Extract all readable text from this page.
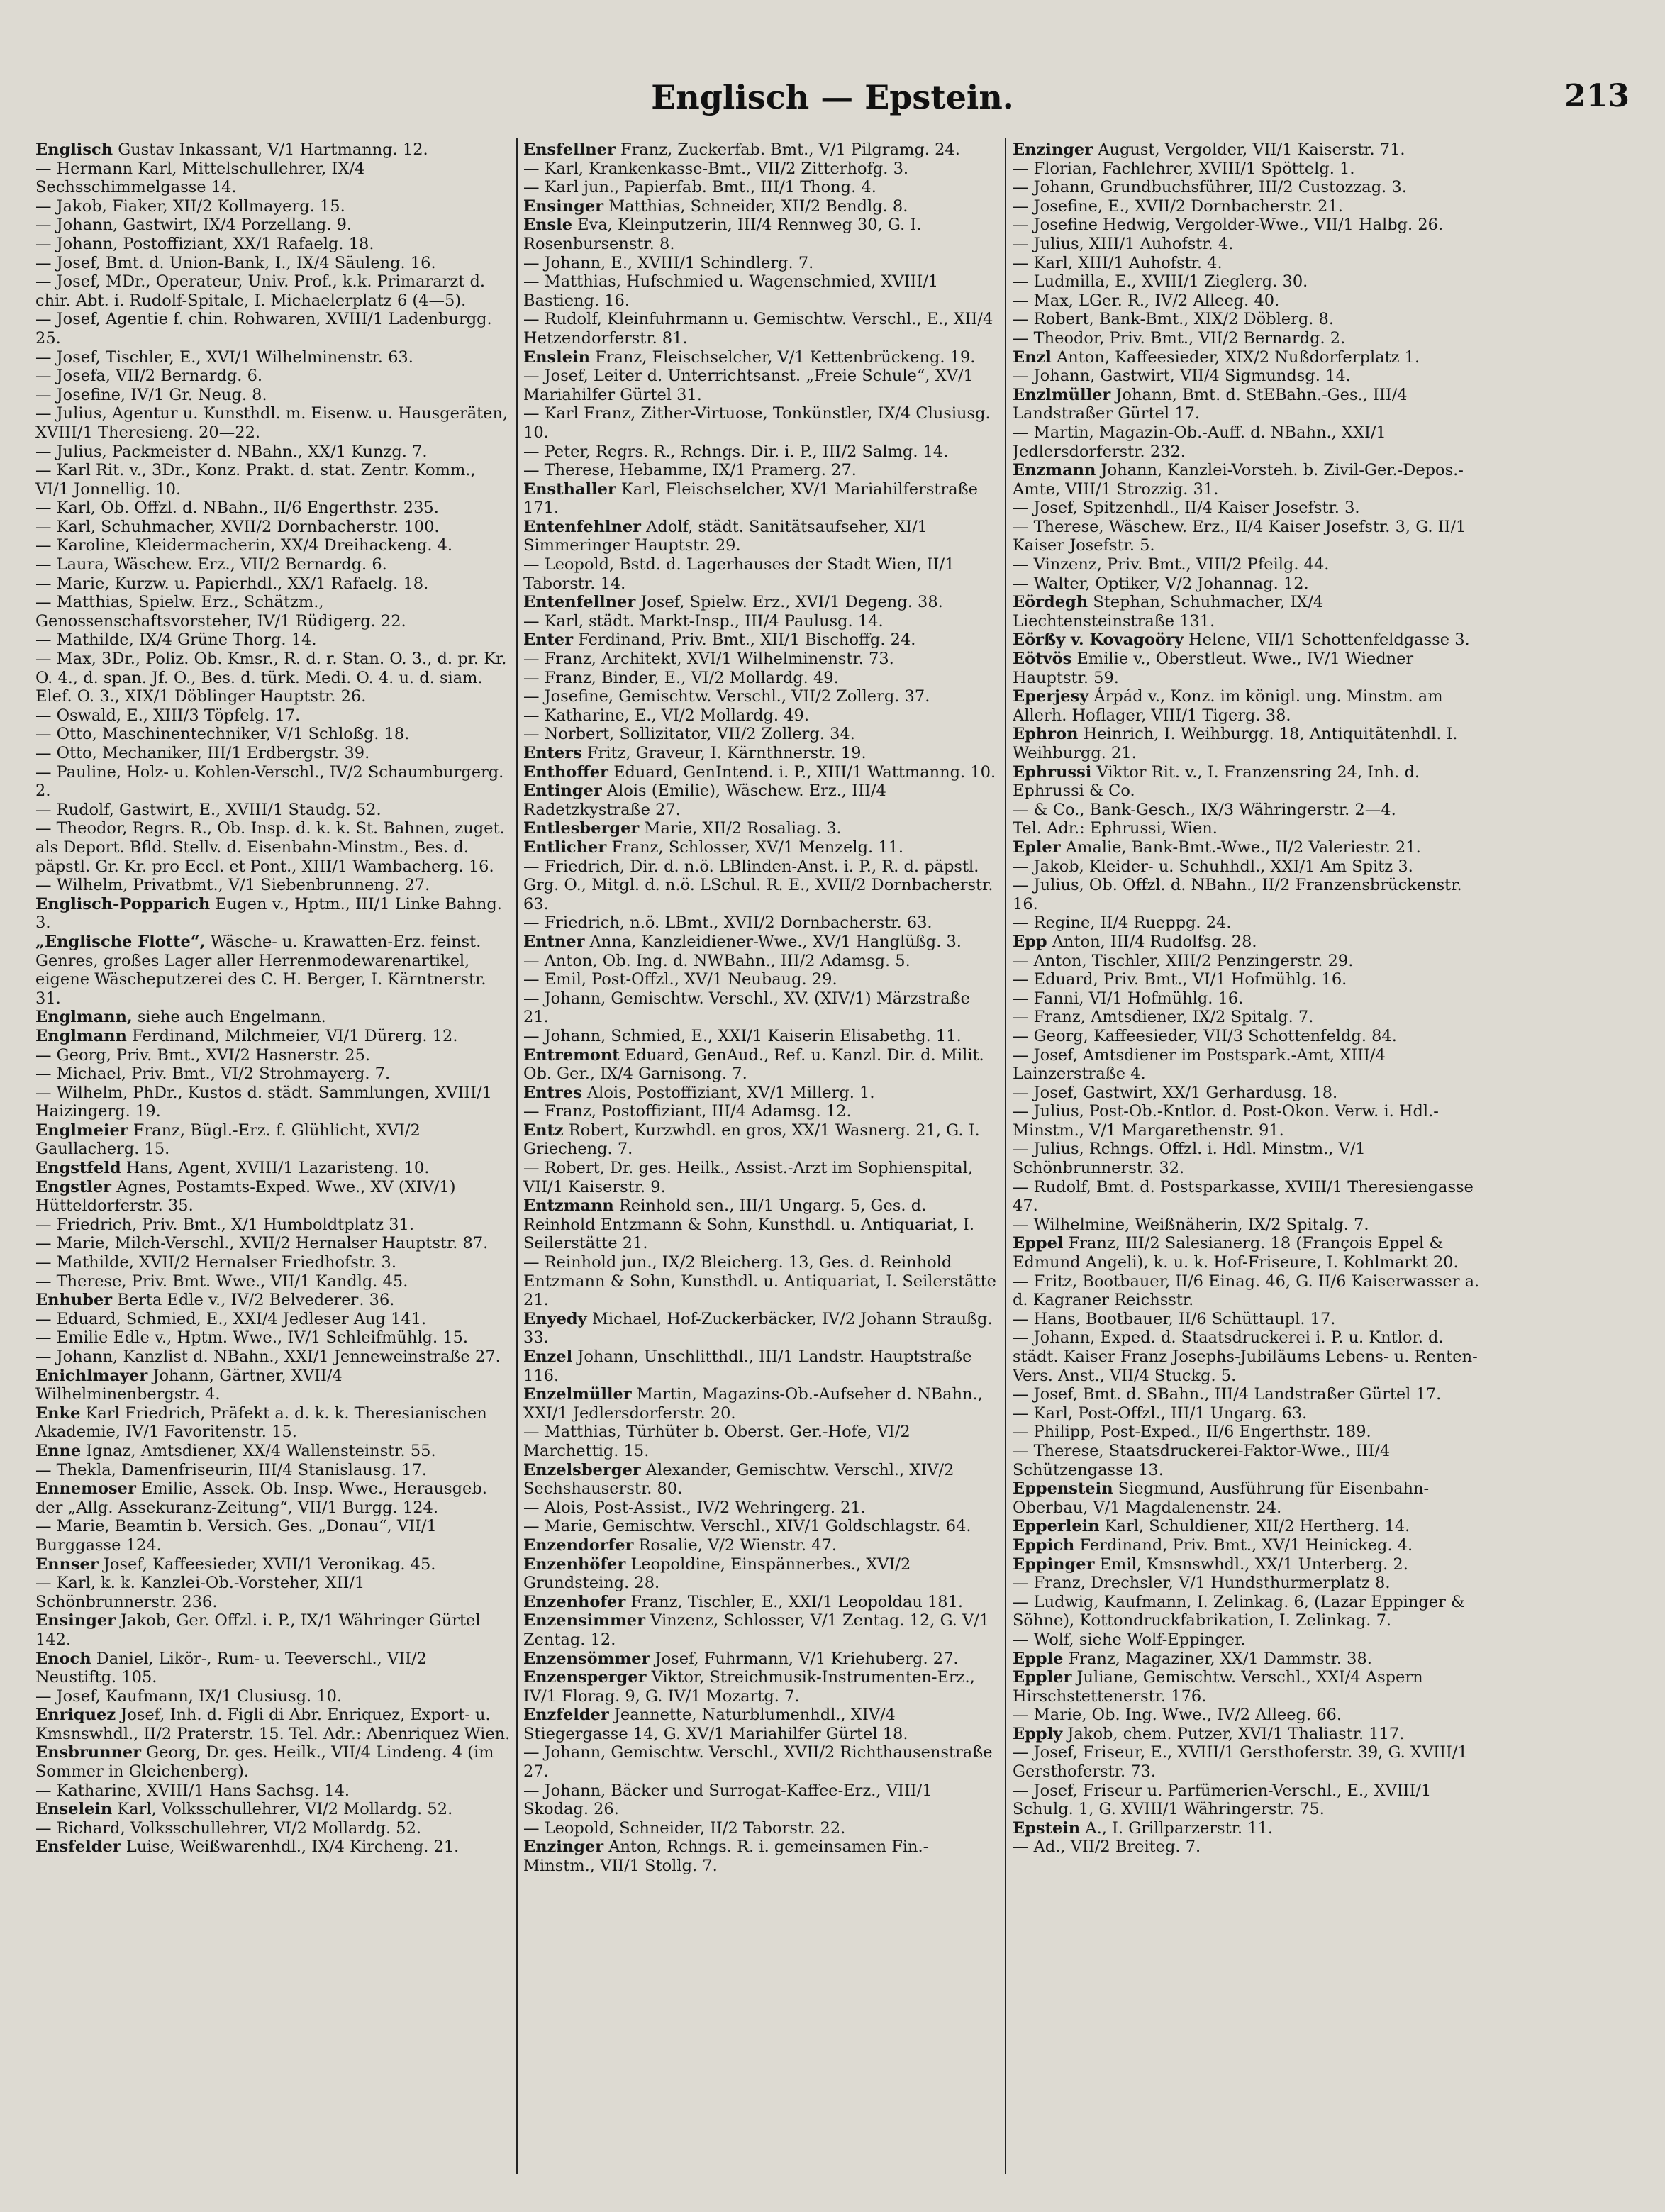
Englisch — Epstein.	213
Englisch Gustav Inkassant, V/1 Hartmanng. 12.
— Hermann Karl, Mittelschullehrer, IX/4 Sechsschimmelgasse 14.
— Jakob, Fiaker, XII/2 Kollmayerg. 15.
— Johann, Gastwirt, IX/4 Porzellang. 9.
— Johann, Postoffiziant, XX/1 Rafaelg. 18.
— Josef, Bmt. d. Union-Bank, I., IX/4 Säuleng. 16.
— Josef, MDr., Operateur, Univ. Prof., k.k. Primararzt d. chir. Abt. i. Rudolf-Spitale, I. Michaelerplatz 6 (4—5).
— Josef, Agentie f. chin. Rohwaren, XVIII/1 Ladenburgg. 25.
— Josef, Tischler, E., XVI/1 Wilhelminenstr. 63.
— Josefa, VII/2 Bernardg. 6.
— Josefine, IV/1 Gr. Neug. 8.
— Julius, Agentur u. Kunsthdl. m. Eisenw. u. Hausgeräten, XVIII/1 Theresieng. 20—22.
— Julius, Packmeister d. NBahn., XX/1 Kunzg. 7.
— Karl Rit. v., 3Dr., Konz. Prakt. d. stat. Zentr. Komm., VI/1 Jonnellig. 10.
— Karl, Ob. Offzl. d. NBahn., II/6 Engerthstr. 235.
— Karl, Schuhmacher, XVII/2 Dornbacherstr. 100.
— Karoline, Kleidermacherin, XX/4 Dreihackeng. 4.
— Laura, Wäschew. Erz., VII/2 Bernardg. 6.
— Marie, Kurzw. u. Papierhdl., XX/1 Rafaelg. 18.
— Matthias, Spielw. Erz., Schätzm., Genossenschaftsvorsteher, IV/1 Rüdigerg. 22.
— Mathilde, IX/4 Grüne Thorg. 14.
— Max, 3Dr., Poliz. Ob. Kmsr., R. d. r. Stan. O. 3., d. pr. Kr. O. 4., d. span. Jf. O., Bes. d. türk. Medi. O. 4. u. d. siam. Elef. O. 3., XIX/1 Döblinger Hauptstr. 26.
— Oswald, E., XIII/3 Töpfelg. 17.
— Otto, Maschinentechniker, V/1 Schloßg. 18.
— Otto, Mechaniker, III/1 Erdbergstr. 39.
— Pauline, Holz- u. Kohlen-Verschl., IV/2 Schaumburgerg. 2.
— Rudolf, Gastwirt, E., XVIII/1 Staudg. 52.
— Theodor, Regrs. R., Ob. Insp. d. k. k. St. Bahnen, zuget. als Deport. Bfld. Stellv. d. Eisenbahn-Minstm., Bes. d. päpstl. Gr. Kr. pro Eccl. et Pont., XIII/1 Wambacherg. 16.
— Wilhelm, Privatbmt., V/1 Siebenbrunneng. 27.
Englisch-Popparich Eugen v., Hptm., III/1 Linke Bahng. 3.
„Englische Flotte“, Wäsche- u. Krawatten-Erz. feinst. Genres, großes Lager aller Herrenmodewarenartikel, eigene Wäscheputzerei des C. H. Berger, I. Kärntnerstr. 31.
Englmann, siehe auch Engelmann.
Englmann Ferdinand, Milchmeier, VI/1 Dürerg. 12.
— Georg, Priv. Bmt., XVI/2 Hasnerstr. 25.
— Michael, Priv. Bmt., VI/2 Strohmayerg. 7.
— Wilhelm, PhDr., Kustos d. städt. Sammlungen, XVIII/1 Haizingerg. 19.
Englmeier Franz, Bügl.-Erz. f. Glühlicht, XVI/2 Gaullacherg. 15.
Engstfeld Hans, Agent, XVIII/1 Lazaristeng. 10.
Engstler Agnes, Postamts-Exped. Wwe., XV (XIV/1) Hütteldorferstr. 35.
— Friedrich, Priv. Bmt., X/1 Humboldtplatz 31.
— Marie, Milch-Verschl., XVII/2 Hernalser Hauptstr. 87.
— Mathilde, XVII/2 Hernalser Friedhofstr. 3.
— Therese, Priv. Bmt. Wwe., VII/1 Kandlg. 45.
Enhuber Berta Edle v., IV/2 Belvederег. 36.
— Eduard, Schmied, E., XXI/4 Jedleser Aug 141.
— Emilie Edle v., Hptm. Wwe., IV/1 Schleifmühlg. 15.
— Johann, Kanzlist d. NBahn., XXI/1 Jenneweinstraße 27.
Enichlmayer Johann, Gärtner, XVII/4 Wilhelminenbergstr. 4.
Enke Karl Friedrich, Präfekt a. d. k. k. Theresianischen Akademie, IV/1 Favoritenstr. 15.
Enne Ignaz, Amtsdiener, XX/4 Wallensteinstr. 55.
— Thekla, Damenfriseurin, III/4 Stanislausg. 17.
Ennemoser Emilie, Assek. Ob. Insp. Wwe., Herausgeb. der „Allg. Assekuranz-Zeitung“, VII/1 Burgg. 124.
— Marie, Beamtin b. Versich. Ges. „Donau“, VII/1 Burggasse 124.
Ennser Josef, Kaffeesieder, XVII/1 Veronikag. 45.
— Karl, k. k. Kanzlei-Ob.-Vorsteher, XII/1 Schönbrunnerstr. 236.
Ensinger Jakob, Ger. Offzl. i. P., IX/1 Währinger Gürtel 142.
Enoch Daniel, Likör-, Rum- u. Teeverschl., VII/2 Neustiftg. 105.
— Josef, Kaufmann, IX/1 Clusiusg. 10.
Enriquez Josef, Inh. d. Figli di Abr. Enriquez, Export- u. Kmsnswhdl., II/2 Praterstr. 15. Tel. Adr.: Abenriquez Wien.
Ensbrunner Georg, Dr. ges. Heilk., VII/4 Lindeng. 4 (im Sommer in Gleichenberg).
— Katharine, XVIII/1 Hans Sachsg. 14.
Enselein Karl, Volksschullehrer, VI/2 Mollardg. 52.
— Richard, Volksschullehrer, VI/2 Mollardg. 52.
Ensfelder Luise, Weißwarenhdl., IX/4 Kircheng. 21.
Ensfellner Franz, Zuckerfab. Bmt., V/1 Pilgramg. 24.
— Karl, Krankenkasse-Bmt., VII/2 Zitterhofg. 3.
— Karl jun., Papierfab. Bmt., III/1 Thong. 4.
Ensinger Matthias, Schneider, XII/2 Bendlg. 8.
Ensle Eva, Kleinputzerin, III/4 Rennweg 30, G. I. Rosenbursenstr. 8.
— Johann, E., XVIII/1 Schindlerg. 7.
— Matthias, Hufschmied u. Wagenschmied, XVIII/1 Bastieng. 16.
— Rudolf, Kleinfuhrmann u. Gemischtw. Verschl., E., XII/4 Hetzendorferstr. 81.
Enslein Franz, Fleischselcher, V/1 Kettenbrückeng. 19.
— Josef, Leiter d. Unterrichtsanst. „Freie Schule“, XV/1 Mariahilfer Gürtel 31.
— Karl Franz, Zither-Virtuose, Tonkünstler, IX/4 Clusiusg. 10.
— Peter, Regrs. R., Rchngs. Dir. i. P., III/2 Salmg. 14.
— Therese, Hebamme, IX/1 Pramerg. 27.
Ensthaller Karl, Fleischselcher, XV/1 Mariahilferstraße 171.
Entenfehlner Adolf, städt. Sanitätsaufseher, XI/1 Simmeringer Hauptstr. 29.
— Leopold, Bstd. d. Lagerhauses der Stadt Wien, II/1 Taborstr. 14.
Entenfellner Josef, Spielw. Erz., XVI/1 Degeng. 38.
— Karl, städt. Markt-Insp., III/4 Paulusg. 14.
Enter Ferdinand, Priv. Bmt., XII/1 Bischoffg. 24.
— Franz, Architekt, XVI/1 Wilhelminenstr. 73.
— Franz, Binder, E., VI/2 Mollardg. 49.
— Josefine, Gemischtw. Verschl., VII/2 Zollerg. 37.
— Katharine, E., VI/2 Mollardg. 49.
— Norbert, Sollizitator, VII/2 Zollerg. 34.
Enters Fritz, Graveur, I. Kärnthnerstr. 19.
Enthoffer Eduard, GenIntend. i. P., XIII/1 Wattmanng. 10.
Entinger Alois (Emilie), Wäschew. Erz., III/4 Radetzkystraße 27.
Entlesberger Marie, XII/2 Rosaliag. 3.
Entlicher Franz, Schlosser, XV/1 Menzelg. 11.
— Friedrich, Dir. d. n.ö. LBlinden-Anst. i. P., R. d. päpstl. Grg. O., Mitgl. d. n.ö. LSchul. R. E., XVII/2 Dornbacherstr. 63.
— Friedrich, n.ö. LBmt., XVII/2 Dornbacherstr. 63.
Entner Anna, Kanzleidiener-Wwe., XV/1 Hanglüßg. 3.
— Anton, Ob. Ing. d. NWBahn., III/2 Adamsg. 5.
— Emil, Post-Offzl., XV/1 Neubaug. 29.
— Johann, Gemischtw. Verschl., XV. (XIV/1) Märzstraße 21.
— Johann, Schmied, E., XXI/1 Kaiserin Elisabethg. 11.
Entremont Eduard, GenAud., Ref. u. Kanzl. Dir. d. Milit. Ob. Ger., IX/4 Garnisong. 7.
Entres Alois, Postoffiziant, XV/1 Millerg. 1.
— Franz, Postoffiziant, III/4 Adamsg. 12.
Entz Robert, Kurzwhdl. en gros, XX/1 Wasnerg. 21, G. I. Griecheng. 7.
— Robert, Dr. ges. Heilk., Assist.-Arzt im Sophienspital, VII/1 Kaiserstr. 9.
Entzmann Reinhold sen., III/1 Ungarg. 5, Ges. d. Reinhold Entzmann & Sohn, Kunsthdl. u. Antiquariat, I. Seilerstätte 21.
— Reinhold jun., IX/2 Bleicherg. 13, Ges. d. Reinhold Entzmann & Sohn, Kunsthdl. u. Antiquariat, I. Seilerstätte 21.
Enyedy Michael, Hof-Zuckerbäcker, IV/2 Johann Straußg. 33.
Enzel Johann, Unschlitthdl., III/1 Landstr. Hauptstraße 116.
Enzelmüller Martin, Magazins-Ob.-Aufseher d. NBahn., XXI/1 Jedlersdorferstr. 20.
— Matthias, Türhüter b. Oberst. Ger.-Hofe, VI/2 Marchettig. 15.
Enzelsberger Alexander, Gemischtw. Verschl., XIV/2 Sechshauserstr. 80.
— Alois, Post-Assist., IV/2 Wehringerg. 21.
— Marie, Gemischtw. Verschl., XIV/1 Goldschlagstr. 64.
Enzendorfer Rosalie, V/2 Wienstr. 47.
Enzenhöfer Leopoldine, Einspännerbes., XVI/2 Grundsteing. 28.
Enzenhofer Franz, Tischler, E., XXI/1 Leopoldau 181.
Enzensimmer Vinzenz, Schlosser, V/1 Zentag. 12, G. V/1 Zentag. 12.
Enzensömmer Josef, Fuhrmann, V/1 Kriehuberg. 27.
Enzensperger Viktor, Streichmusik-Instrumenten-Erz., IV/1 Florag. 9, G. IV/1 Mozartg. 7.
Enzfelder Jeannette, Naturblumenhdl., XIV/4 Stiegergasse 14, G. XV/1 Mariahilfer Gürtel 18.
— Johann, Gemischtw. Verschl., XVII/2 Richthausenstraße 27.
— Johann, Bäcker und Surrogat-Kaffee-Erz., VIII/1 Skodag. 26.
— Leopold, Schneider, II/2 Taborstr. 22.
Enzinger Anton, Rchngs. R. i. gemeinsamen Fin.-Minstm., VII/1 Stollg. 7.
Enzinger August, Vergolder, VII/1 Kaiserstr. 71.
— Florian, Fachlehrer, XVIII/1 Spöttelg. 1.
— Johann, Grundbuchsführer, III/2 Custozzag. 3.
— Josefine, E., XVII/2 Dornbacherstr. 21.
— Josefine Hedwig, Vergolder-Wwe., VII/1 Halbg. 26.
— Julius, XIII/1 Auhofstr. 4.
— Karl, XIII/1 Auhofstr. 4.
— Ludmilla, E., XVIII/1 Zieglerg. 30.
— Max, LGer. R., IV/2 Alleeg. 40.
— Robert, Bank-Bmt., XIX/2 Döblerg. 8.
— Theodor, Priv. Bmt., VII/2 Bernardg. 2.
Enzl Anton, Kaffeesieder, XIX/2 Nußdorferplatz 1.
— Johann, Gastwirt, VII/4 Sigmundsg. 14.
Enzlmüller Johann, Bmt. d. StEBahn.-Ges., III/4 Landstraßer Gürtel 17.
— Martin, Magazin-Ob.-Auff. d. NBahn., XXI/1 Jedlersdorferstr. 232.
Enzmann Johann, Kanzlei-Vorsteh. b. Zivil-Ger.-Depos.-Amte, VIII/1 Strozzig. 31.
— Josef, Spitzenhdl., II/4 Kaiser Josefstr. 3.
— Therese, Wäschew. Erz., II/4 Kaiser Josefstr. 3, G. II/1 Kaiser Josefstr. 5.
— Vinzenz, Priv. Bmt., VIII/2 Pfeilg. 44.
— Walter, Optiker, V/2 Johannag. 12.
Eördegh Stephan, Schuhmacher, IX/4 Liechtensteinstraße 131.
Eörßy v. Kovagoöry Helene, VII/1 Schottenfeldgasse 3.
Eötvös Emilie v., Oberstleut. Wwe., IV/1 Wiedner Hauptstr. 59.
Eperjesy Árpád v., Konz. im königl. ung. Minstm. am Allerh. Hoflager, VIII/1 Tigerg. 38.
Ephron Heinrich, I. Weihburgg. 18, Antiquitätenhdl. I. Weihburgg. 21.
Ephrussi Viktor Rit. v., I. Franzensring 24, Inh. d. Ephrussi & Co.
— & Co., Bank-Gesch., IX/3 Währingerstr. 2—4.
Tel. Adr.: Ephrussi, Wien.
Epler Amalie, Bank-Bmt.-Wwe., II/2 Valeriestr. 21.
— Jakob, Kleider- u. Schuhhdl., XXI/1 Am Spitz 3.
— Julius, Ob. Offzl. d. NBahn., II/2 Franzensbrückenstr. 16.
— Regine, II/4 Rueppg. 24.
Epp Anton, III/4 Rudolfsg. 28.
— Anton, Tischler, XIII/2 Penzingerstr. 29.
— Eduard, Priv. Bmt., VI/1 Hofmühlg. 16.
— Fanni, VI/1 Hofmühlg. 16.
— Franz, Amtsdiener, IX/2 Spitalg. 7.
— Georg, Kaffeesieder, VII/3 Schottenfeldg. 84.
— Josef, Amtsdiener im Postspark.-Amt, XIII/4 Lainzerstraße 4.
— Josef, Gastwirt, XX/1 Gerhardusg. 18.
— Julius, Post-Ob.-Kntlor. d. Post-Okon. Verw. i. Hdl.-Minstm., V/1 Margarethenstr. 91.
— Julius, Rchngs. Offzl. i. Hdl. Minstm., V/1 Schönbrunnerstr. 32.
— Rudolf, Bmt. d. Postsparkasse, XVIII/1 Theresiengasse 47.
— Wilhelmine, Weißnäherin, IX/2 Spitalg. 7.
Eppel Franz, III/2 Salesianerg. 18 (François Eppel & Edmund Angeli), k. u. k. Hof-Friseure, I. Kohlmarkt 20.
— Fritz, Bootbauer, II/6 Einag. 46, G. II/6 Kaiserwasser a. d. Kagraner Reichsstr.
— Hans, Bootbauer, II/6 Schüttaupl. 17.
— Johann, Exped. d. Staatsdruckerei i. P. u. Kntlor. d. städt. Kaiser Franz Josephs-Jubiläums Lebens- u. Renten-Vers. Anst., VII/4 Stuckg. 5.
— Josef, Bmt. d. SBahn., III/4 Landstraßer Gürtel 17.
— Karl, Post-Offzl., III/1 Ungarg. 63.
— Philipp, Post-Exped., II/6 Engerthstr. 189.
— Therese, Staatsdruckerei-Faktor-Wwe., III/4 Schützengasse 13.
Eppenstein Siegmund, Ausführung für Eisenbahn-Oberbau, V/1 Magdalenenstr. 24.
Epperlein Karl, Schuldiener, XII/2 Hertherg. 14.
Eppich Ferdinand, Priv. Bmt., XV/1 Heinickeg. 4.
Eppinger Emil, Kmsnswhdl., XX/1 Unterberg. 2.
— Franz, Drechsler, V/1 Hundsthurmerplatz 8.
— Ludwig, Kaufmann, I. Zelinkag. 6, (Lazar Eppinger & Söhne), Kottondruckfabrikation, I. Zelinkag. 7.
— Wolf, siehe Wolf-Eppinger.
Epple Franz, Magaziner, XX/1 Dammstr. 38.
Eppler Juliane, Gemischtw. Verschl., XXI/4 Aspern Hirschstettenerstr. 176.
— Marie, Ob. Ing. Wwe., IV/2 Alleeg. 66.
Epply Jakob, chem. Putzer, XVI/1 Thaliastr. 117.
— Josef, Friseur, E., XVIII/1 Gersthoferstr. 39, G. XVIII/1 Gersthoferstr. 73.
— Josef, Friseur u. Parfümerien-Verschl., E., XVIII/1 Schulg. 1, G. XVIII/1 Währingerstr. 75.
Epstein A., I. Grillparzerstr. 11.
— Ad., VII/2 Breiteg. 7.
